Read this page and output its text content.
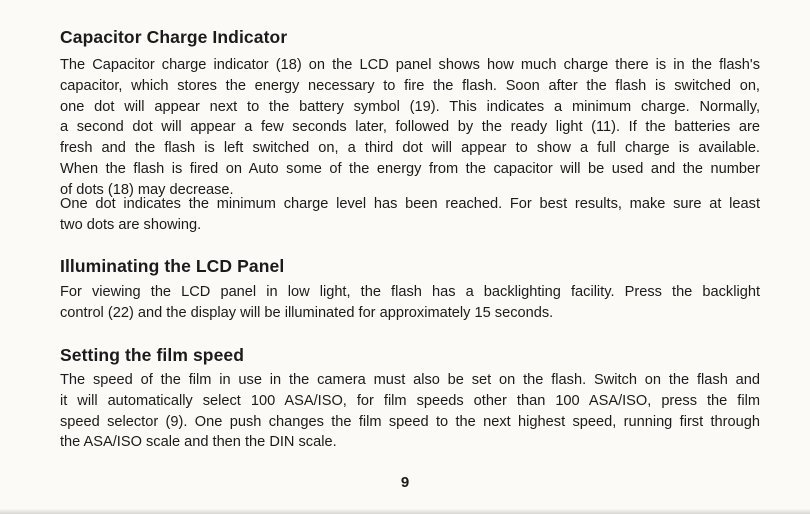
Capacitor Charge Indicator

The Capacitor charge indicator (18) on the LCD panel shows how much charge there is in the flash's
capacitor, which stores the energy necessary to fire the flash. Soon after the flash is switched on,
one dot will appear next to the battery symbol (19). This indicates a minimum charge. Normally,
a second dot will appear a few seconds later, followed by the ready light (11). If the batteries are
fresh and the flash is left switched on, a third dot will appear to show a full charge is available.
When the flash is fired on Auto some of the energy from the capacitor will be used and the number
of dots (18) may decrease.

One dot indicates the minimum charge level has been reached. For best results, make sure at least
two dots are showing.

Illuminating the LCD Panel

For viewing the LCD panel in low light, the flash has a backlighting facility. Press the backlight
control (22) and the display will be illuminated for approximately 15 seconds.

Setting the film speed

The speed of the film in use in the camera must also be set on the flash. Switch on the flash and
it will automatically select 100 ASA/ISO, for film speeds other than 100 ASA/ISO, press the film
speed selector (9). One push changes the film speed to the next highest speed, running first through
the ASA/ISO scale and then the DIN scale.

9
